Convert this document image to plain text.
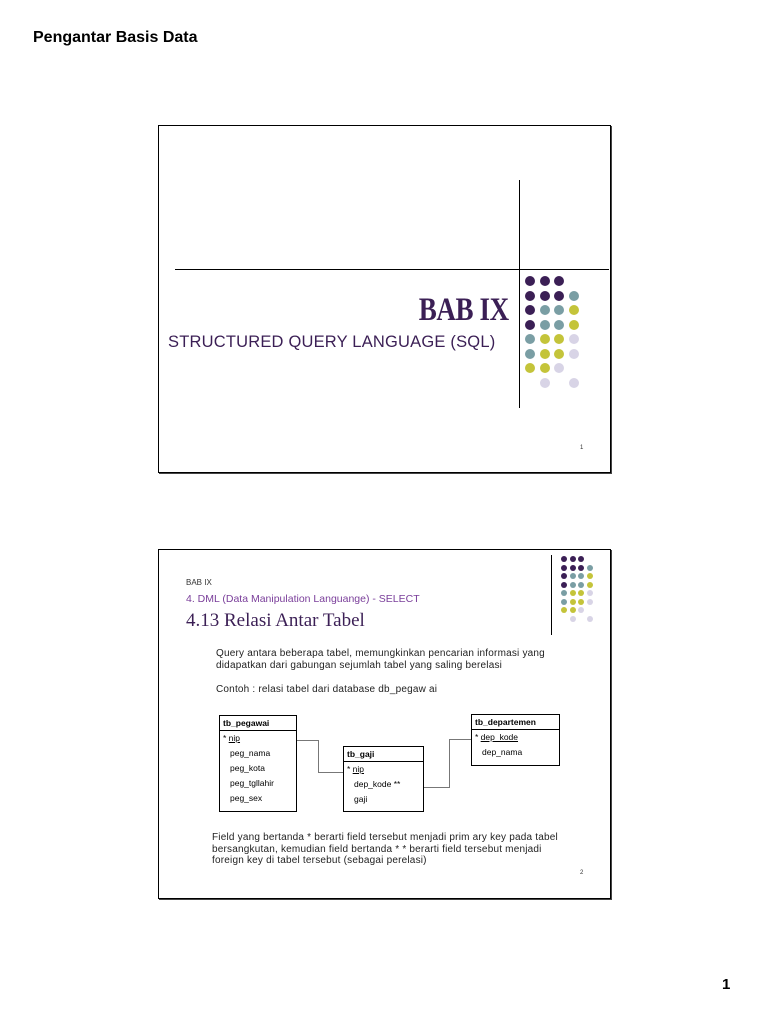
Pengantar Basis Data
BAB IX
STRUCTURED QUERY LANGUAGE (SQL)
1
BAB IX
4. DML (Data Manipulation Languange) - SELECT
4.13 Relasi Antar Tabel
Query antara beberapa tabel, memungkinkan pencarian informasi yang
didapatkan dari gabungan sejumlah tabel yang saling berelasi
Contoh : relasi tabel dari database db_pegaw ai
tb_pegawai
* nip
peg_nama
peg_kota
peg_tgllahir
peg_sex
tb_gaji
* nip
dep_kode **
gaji
tb_departemen
* dep_kode
dep_nama
Field yang bertanda * berarti field tersebut menjadi prim ary key pada tabel
bersangkutan, kemudian field bertanda * * berarti field tersebut menjadi
foreign key di tabel tersebut (sebagai perelasi)
2
1
